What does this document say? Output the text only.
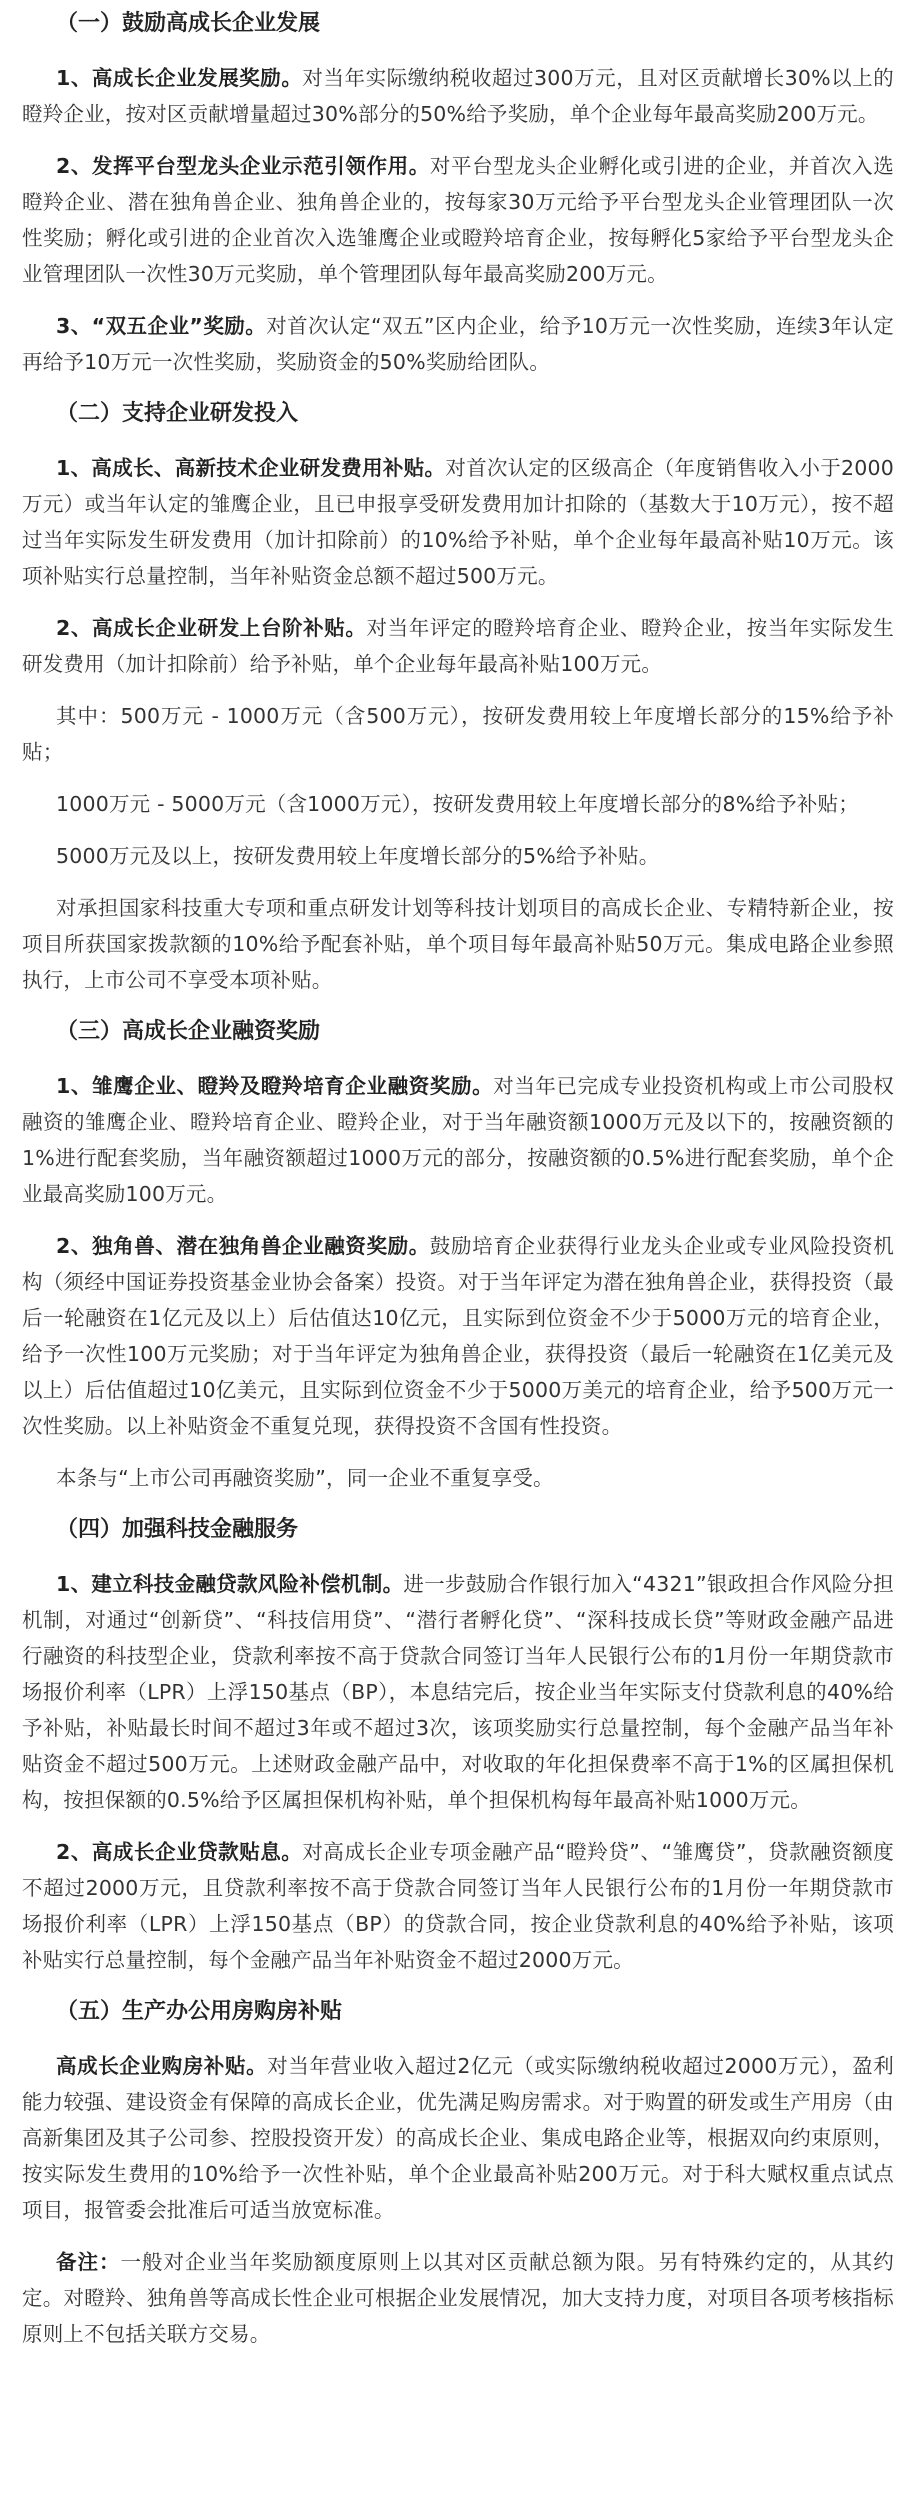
（一）鼓励高成长企业发展

1、高成长企业发展奖励。对当年实际缴纳税收超过300万元，且对区贡献增长30%以上的瞪羚企业，按对区贡献增量超过30%部分的50%给予奖励，单个企业每年最高奖励200万元。

2、发挥平台型龙头企业示范引领作用。对平台型龙头企业孵化或引进的企业，并首次入选瞪羚企业、潜在独角兽企业、独角兽企业的，按每家30万元给予平台型龙头企业管理团队一次性奖励；孵化或引进的企业首次入选雏鹰企业或瞪羚培育企业，按每孵化5家给予平台型龙头企业管理团队一次性30万元奖励，单个管理团队每年最高奖励200万元。

3、“双五企业”奖励。对首次认定“双五”区内企业，给予10万元一次性奖励，连续3年认定再给予10万元一次性奖励，奖励资金的50%奖励给团队。

（二）支持企业研发投入

1、高成长、高新技术企业研发费用补贴。对首次认定的区级高企（年度销售收入小于2000万元）或当年认定的雏鹰企业，且已申报享受研发费用加计扣除的（基数大于10万元），按不超过当年实际发生研发费用（加计扣除前）的10%给予补贴，单个企业每年最高补贴10万元。该项补贴实行总量控制，当年补贴资金总额不超过500万元。

2、高成长企业研发上台阶补贴。对当年评定的瞪羚培育企业、瞪羚企业，按当年实际发生研发费用（加计扣除前）给予补贴，单个企业每年最高补贴100万元。

其中：500万元 - 1000万元（含500万元），按研发费用较上年度增长部分的15%给予补贴；

1000万元 - 5000万元（含1000万元），按研发费用较上年度增长部分的8%给予补贴；

5000万元及以上，按研发费用较上年度增长部分的5%给予补贴。

对承担国家科技重大专项和重点研发计划等科技计划项目的高成长企业、专精特新企业，按项目所获国家拨款额的10%给予配套补贴，单个项目每年最高补贴50万元。集成电路企业参照执行，上市公司不享受本项补贴。

（三）高成长企业融资奖励

1、雏鹰企业、瞪羚及瞪羚培育企业融资奖励。对当年已完成专业投资机构或上市公司股权融资的雏鹰企业、瞪羚培育企业、瞪羚企业，对于当年融资额1000万元及以下的，按融资额的1%进行配套奖励，当年融资额超过1000万元的部分，按融资额的0.5%进行配套奖励，单个企业最高奖励100万元。

2、独角兽、潜在独角兽企业融资奖励。鼓励培育企业获得行业龙头企业或专业风险投资机构（须经中国证券投资基金业协会备案）投资。对于当年评定为潜在独角兽企业，获得投资（最后一轮融资在1亿元及以上）后估值达10亿元，且实际到位资金不少于5000万元的培育企业，给予一次性100万元奖励；对于当年评定为独角兽企业，获得投资（最后一轮融资在1亿美元及以上）后估值超过10亿美元，且实际到位资金不少于5000万美元的培育企业，给予500万元一次性奖励。以上补贴资金不重复兑现，获得投资不含国有性投资。

本条与“上市公司再融资奖励”，同一企业不重复享受。

（四）加强科技金融服务

1、建立科技金融贷款风险补偿机制。进一步鼓励合作银行加入“4321”银政担合作风险分担机制，对通过“创新贷”、“科技信用贷”、“潜行者孵化贷”、“深科技成长贷”等财政金融产品进行融资的科技型企业，贷款利率按不高于贷款合同签订当年人民银行公布的1月份一年期贷款市场报价利率（LPR）上浮150基点（BP），本息结完后，按企业当年实际支付贷款利息的40%给予补贴，补贴最长时间不超过3年或不超过3次，该项奖励实行总量控制，每个金融产品当年补贴资金不超过500万元。上述财政金融产品中，对收取的年化担保费率不高于1%的区属担保机构，按担保额的0.5%给予区属担保机构补贴，单个担保机构每年最高补贴1000万元。

2、高成长企业贷款贴息。对高成长企业专项金融产品“瞪羚贷”、“雏鹰贷”，贷款融资额度不超过2000万元，且贷款利率按不高于贷款合同签订当年人民银行公布的1月份一年期贷款市场报价利率（LPR）上浮150基点（BP）的贷款合同，按企业贷款利息的40%给予补贴，该项补贴实行总量控制，每个金融产品当年补贴资金不超过2000万元。

（五）生产办公用房购房补贴

高成长企业购房补贴。对当年营业收入超过2亿元（或实际缴纳税收超过2000万元），盈利能力较强、建设资金有保障的高成长企业，优先满足购房需求。对于购置的研发或生产用房（由高新集团及其子公司参、控股投资开发）的高成长企业、集成电路企业等，根据双向约束原则，按实际发生费用的10%给予一次性补贴，单个企业最高补贴200万元。对于科大赋权重点试点项目，报管委会批准后可适当放宽标准。

备注：一般对企业当年奖励额度原则上以其对区贡献总额为限。另有特殊约定的，从其约定。对瞪羚、独角兽等高成长性企业可根据企业发展情况，加大支持力度，对项目各项考核指标原则上不包括关联方交易。
